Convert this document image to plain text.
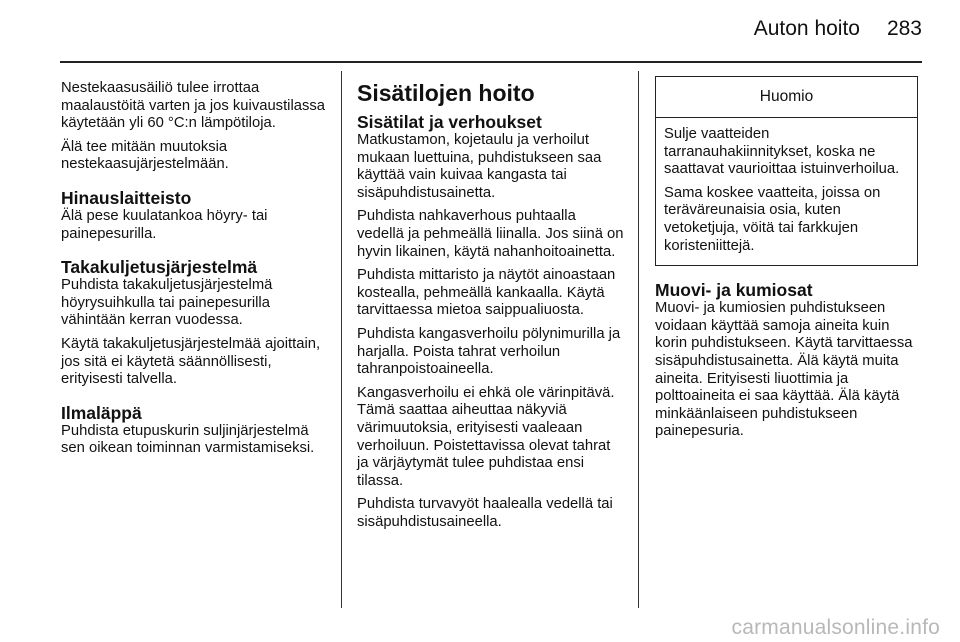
Auton hoito	283

Nestekaasusäiliö tulee irrottaa maalaustöitä varten ja jos kuivaustilassa käytetään yli 60 °C:n lämpötiloja.

Älä tee mitään muutoksia nestekaasujärjestelmään.

Hinauslaitteisto

Älä pese kuulatankoa höyry- tai painepesurilla.

Takakuljetusjärjestelmä

Puhdista takakuljetusjärjestelmä höyrysuihkulla tai painepesurilla vähintään kerran vuodessa.

Käytä takakuljetusjärjestelmää ajoittain, jos sitä ei käytetä säännöllisesti, erityisesti talvella.

Ilmaläppä

Puhdista etupuskurin suljinjärjestelmä sen oikean toiminnan varmistamiseksi.

Sisätilojen hoito
Sisätilat ja verhoukset

Matkustamon, kojetaulu ja verhoilut mukaan luettuina, puhdistukseen saa käyttää vain kuivaa kangasta tai sisäpuhdistusainetta.

Puhdista nahkaverhous puhtaalla vedellä ja pehmeällä liinalla. Jos siinä on hyvin likainen, käytä nahanhoitoainetta.

Puhdista mittaristo ja näytöt ainoastaan kostealla, pehmeällä kankaalla. Käytä tarvittaessa mietoa saippualiuosta.

Puhdista kangasverhoilu pölynimurilla ja harjalla. Poista tahrat verhoilun tahranpoistoaineella.

Kangasverhoilu ei ehkä ole värinpitävä. Tämä saattaa aiheuttaa näkyviä värimuutoksia, erityisesti vaaleaan verhoiluun. Poistettavissa olevat tahrat ja värjäytymät tulee puhdistaa ensi tilassa.

Puhdista turvavyöt haalealla vedellä tai sisäpuhdistusaineella.

Huomio

Sulje vaatteiden tarranauhakiinnitykset, koska ne saattavat vaurioittaa istuinverhoilua.

Sama koskee vaatteita, joissa on teräväreunaisia osia, kuten vetoketjuja, vöitä tai farkkujen koristeniittejä.

Muovi- ja kumiosat

Muovi- ja kumiosien puhdistukseen voidaan käyttää samoja aineita kuin korin puhdistukseen. Käytä tarvittaessa sisäpuhdistusainetta. Älä käytä muita aineita. Erityisesti liuottimia ja polttoaineita ei saa käyttää. Älä käytä minkäänlaiseen puhdistukseen painepesuria.

carmanualsonline.info
